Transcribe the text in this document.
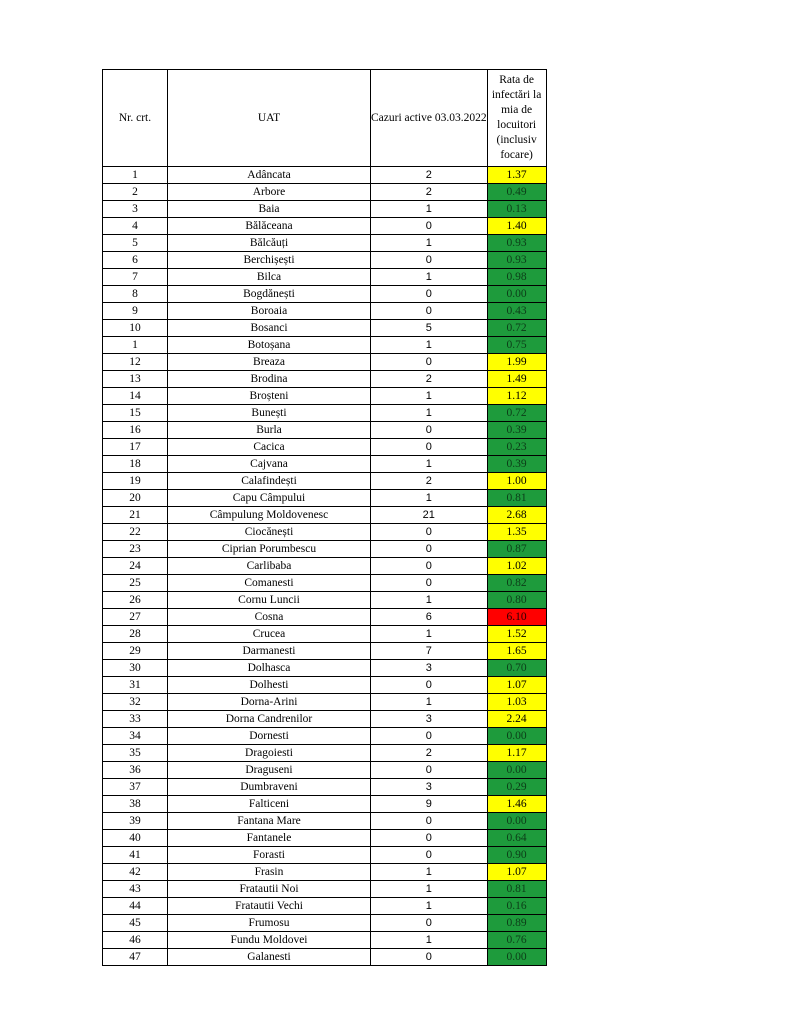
Nr. crt.	UAT	Cazuri active 03.03.2022	Rata de infectări la mia de locuitori (inclusiv focare)
1	Adâncata	2	1.37
2	Arbore	2	0.49
3	Baia	1	0.13
4	Bălăceana	0	1.40
5	Bălcăuți	1	0.93
6	Berchișești	0	0.93
7	Bilca	1	0.98
8	Bogdănești	0	0.00
9	Boroaia	0	0.43
10	Bosanci	5	0.72
1	Botoșana	1	0.75
12	Breaza	0	1.99
13	Brodina	2	1.49
14	Broșteni	1	1.12
15	Bunești	1	0.72
16	Burla	0	0.39
17	Cacica	0	0.23
18	Cajvana	1	0.39
19	Calafindești	2	1.00
20	Capu Câmpului	1	0.81
21	Câmpulung Moldovenesc	21	2.68
22	Ciocănești	0	1.35
23	Ciprian Porumbescu	0	0.87
24	Carlibaba	0	1.02
25	Comanesti	0	0.82
26	Cornu Luncii	1	0.80
27	Cosna	6	6.10
28	Crucea	1	1.52
29	Darmanesti	7	1.65
30	Dolhasca	3	0.70
31	Dolhesti	0	1.07
32	Dorna-Arini	1	1.03
33	Dorna Candrenilor	3	2.24
34	Dornesti	0	0.00
35	Dragoiesti	2	1.17
36	Draguseni	0	0.00
37	Dumbraveni	3	0.29
38	Falticeni	9	1.46
39	Fantana Mare	0	0.00
40	Fantanele	0	0.64
41	Forasti	0	0.90
42	Frasin	1	1.07
43	Fratautii Noi	1	0.81
44	Fratautii Vechi	1	0.16
45	Frumosu	0	0.89
46	Fundu Moldovei	1	0.76
47	Galanesti	0	0.00
